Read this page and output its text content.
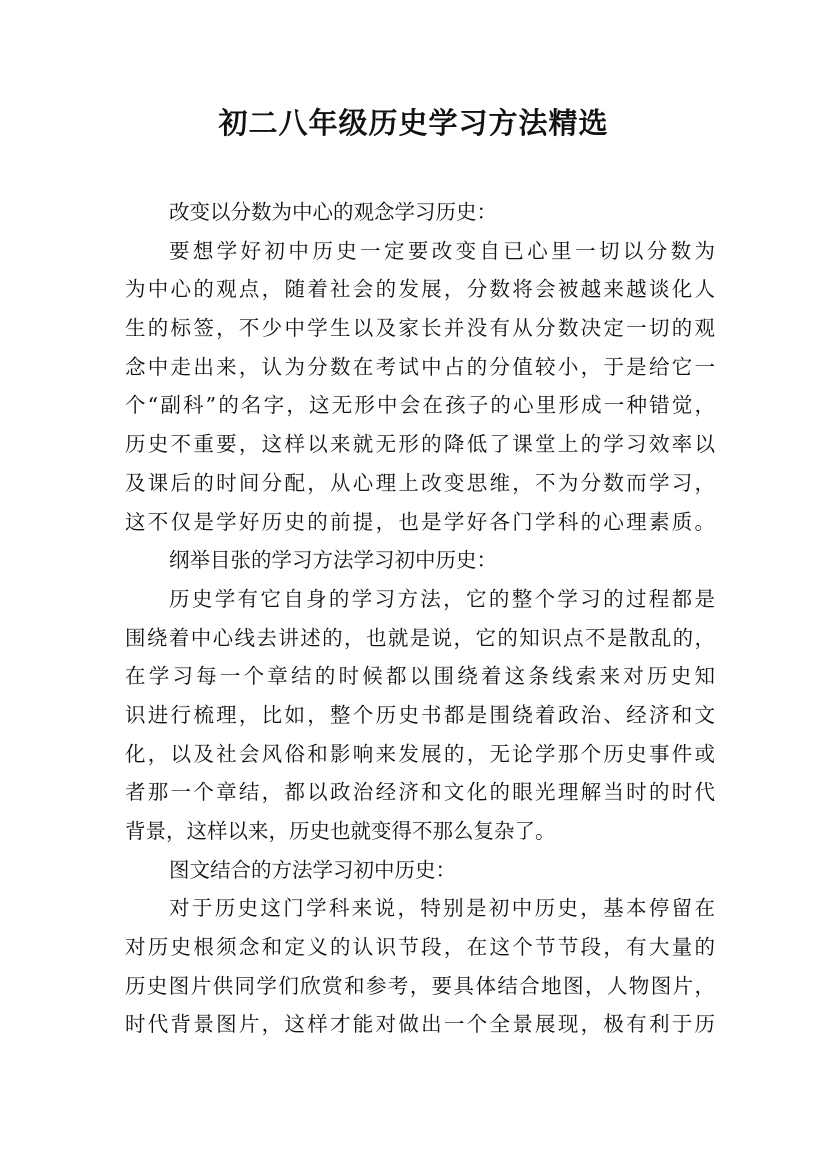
初二八年级历史学习方法精选
改变以分数为中心的观念学习历史：
要想学好初中历史一定要改变自已心里一切以分数为
为中心的观点，随着社会的发展，分数将会被越来越谈化人
生的标签，不少中学生以及家长并没有从分数决定一切的观
念中走出来，认为分数在考试中占的分值较小，于是给它一
个“副科”的名字，这无形中会在孩子的心里形成一种错觉，
历史不重要，这样以来就无形的降低了课堂上的学习效率以
及课后的时间分配，从心理上改变思维，不为分数而学习，
这不仅是学好历史的前提，也是学好各门学科的心理素质。
纲举目张的学习方法学习初中历史：
历史学有它自身的学习方法，它的整个学习的过程都是
围绕着中心线去讲述的，也就是说，它的知识点不是散乱的，
在学习每一个章结的时候都以围绕着这条线索来对历史知
识进行梳理，比如，整个历史书都是围绕着政治、经济和文
化，以及社会风俗和影响来发展的，无论学那个历史事件或
者那一个章结，都以政治经济和文化的眼光理解当时的时代
背景，这样以来，历史也就变得不那么复杂了。
图文结合的方法学习初中历史：
对于历史这门学科来说，特别是初中历史，基本停留在
对历史根须念和定义的认识节段，在这个节节段，有大量的
历史图片供同学们欣赏和参考，要具体结合地图，人物图片，
时代背景图片，这样才能对做出一个全景展现，极有利于历
